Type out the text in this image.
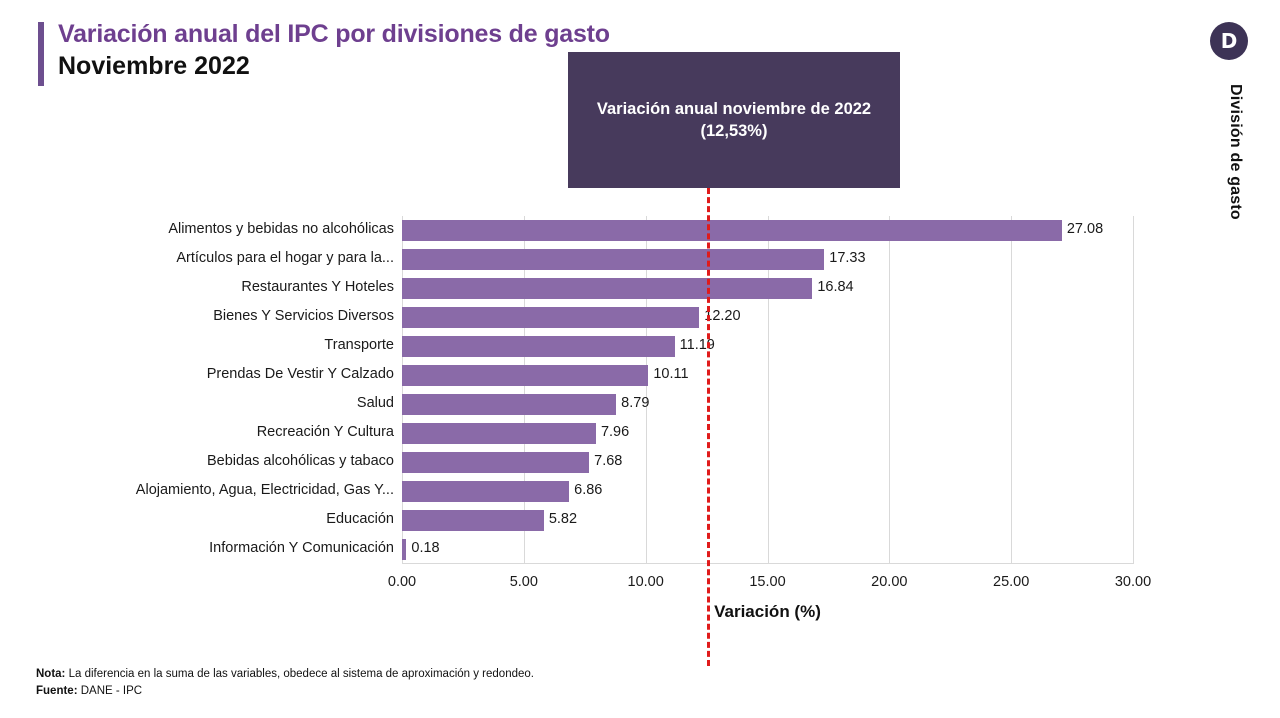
Variación anual del IPC por divisiones de gasto
Noviembre 2022
D
Variación anual noviembre de 2022
(12,53%)
0.00	5.00	10.00	15.00	20.00	25.00	30.00
27.08
Alimentos y bebidas no alcohólicas
17.33
Artículos para el hogar y para la...
16.84
Restaurantes Y Hoteles
12.20
Bienes Y Servicios Diversos
11.19
Transporte
10.11
Prendas De Vestir Y Calzado
8.79
Salud
7.96
Recreación Y Cultura
7.68
Bebidas alcohólicas y tabaco
6.86
Alojamiento, Agua, Electricidad, Gas Y...
5.82
Educación
0.18
Información Y Comunicación
Variación (%)
División de gasto
Nota: La diferencia en la suma de las variables, obedece al sistema de aproximación y redondeo.
Fuente: DANE - IPC
